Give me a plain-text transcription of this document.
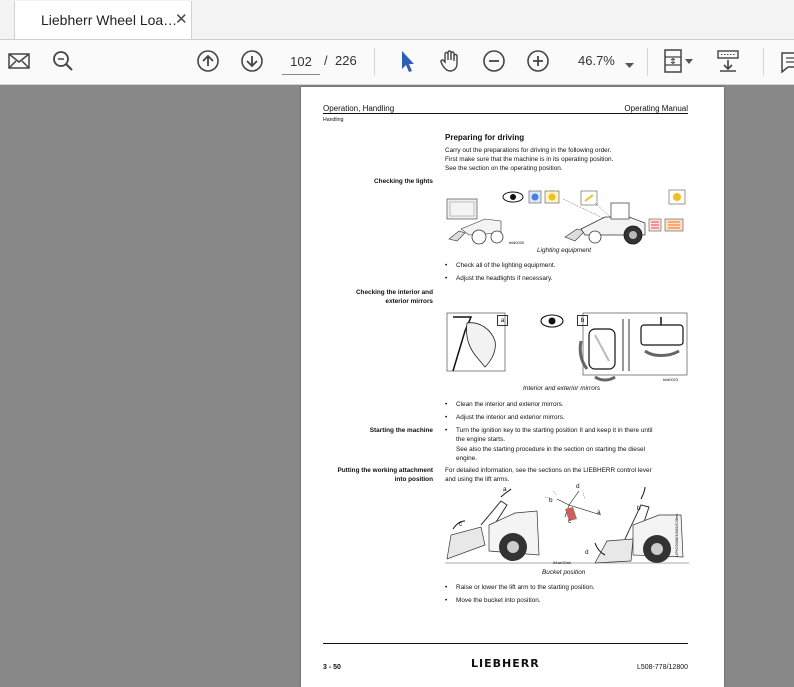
Liebherr Wheel Loa…
✕
102
/ 226	46.7%
Operation, Handling	Operating Manual
Handling
Preparing for driving
Carry out the preparations for driving in the following order.
First make sure that the machine is in its operating position.
See the section on the operating position.
Checking the lights
bild0030
Lighting equipment
• Check all of the lighting equipment.
• Adjust the headlights if necessary.
Checking the interior and
exterior mirrors
a	b
bild0023
Interior and exterior mirrors
• Clean the interior and exterior mirrors.
• Adjust the interior and exterior mirrors.
Starting the machine • Turn the ignition key to the starting position II and keep it in there until
the engine starts.
See also the starting procedure in the section on starting the diesel
engine.
Putting the working attachment
into position
For detailed information, see the sections on the LIEBHERR control lever
and using the lift arms.
a
c
b
d
a
c
b
d
84ae10ab
Bucket position
LIPrG2008/10/09/C38en
• Raise or lower the lift arm to the starting position.
• Move the bucket into position.
3 - 50	LIEBHERR	L508-778/12800
